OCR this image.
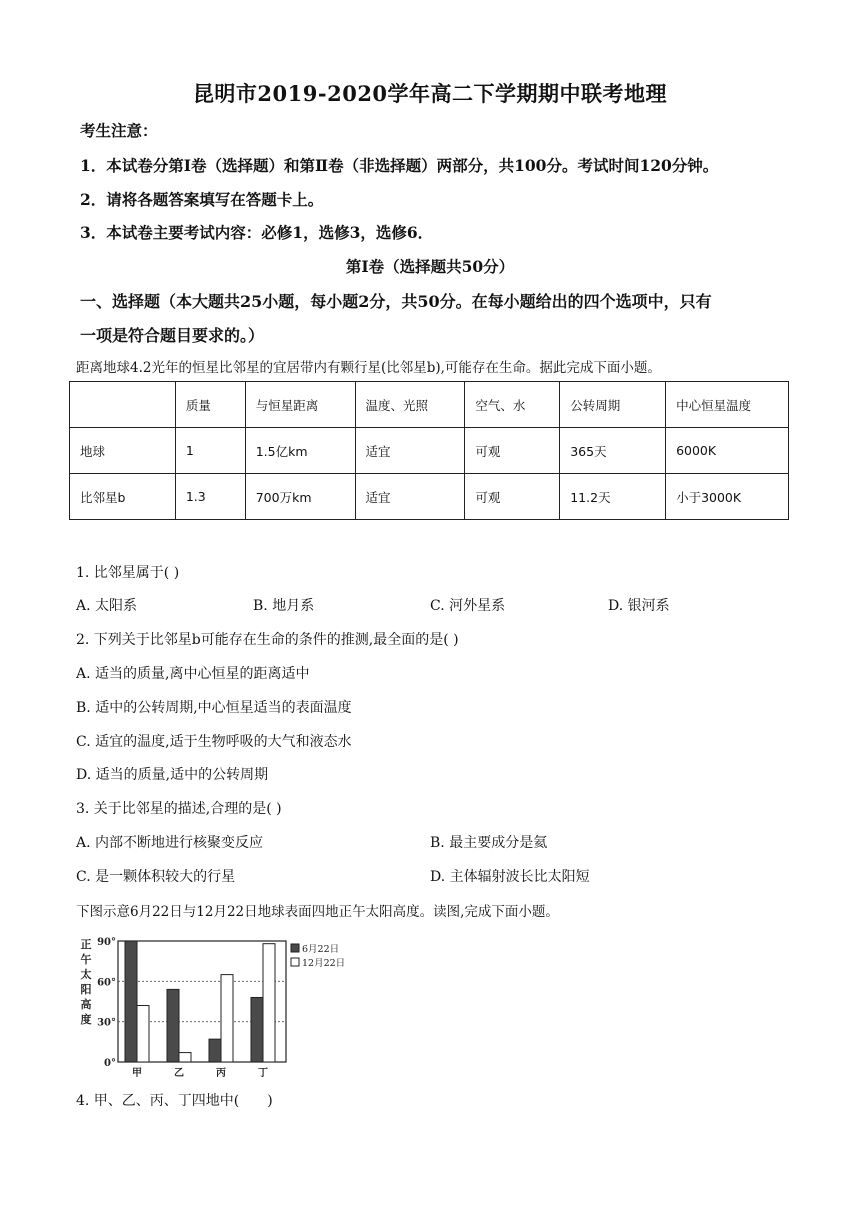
昆明市2019-2020学年高二下学期期中联考地理
考生注意：
1．本试卷分第Ⅰ卷（选择题）和第Ⅱ卷（非选择题）两部分，共100分。考试时间120分钟。
2．请将各题答案填写在答题卡上。
3．本试卷主要考试内容：必修1，选修3，选修6．
第Ⅰ卷（选择题共50分）
一、选择题（本大题共25小题，每小题2分，共50分。在每小题给出的四个选项中，只有
一项是符合题目要求的。）
距离地球4.2光年的恒星比邻星的宜居带内有颗行星(比邻星b),可能存在生命。据此完成下面小题。
	质量	与恒星距离	温度、光照	空气、水	公转周期	中心恒星温度
地球	1	1.5亿km	适宜	可观	365天	6000K
比邻星b	1.3	700万km	适宜	可观	11.2天	小于3000K
1. 比邻星属于( )
A. 太阳系	B. 地月系	C. 河外星系	D. 银河系
2. 下列关于比邻星b可能存在生命的条件的推测,最全面的是( )
A. 适当的质量,离中心恒星的距离适中
B. 适中的公转周期,中心恒星适当的表面温度
C. 适宜的温度,适于生物呼吸的大气和液态水
D. 适当的质量,适中的公转周期
3. 关于比邻星的描述,合理的是( )
A. 内部不断地进行核聚变反应	B. 最主要成分是氦
C. 是一颗体积较大的行星	D. 主体辐射波长比太阳短
下图示意6月22日与12月22日地球表面四地正午太阳高度。读图,完成下面小题。
正
午
太
阳
高
度
0°
30°
60°
90°
甲	乙	丙	丁
6月22日
12月22日
4. 甲、乙、丙、丁四地中(　　)
